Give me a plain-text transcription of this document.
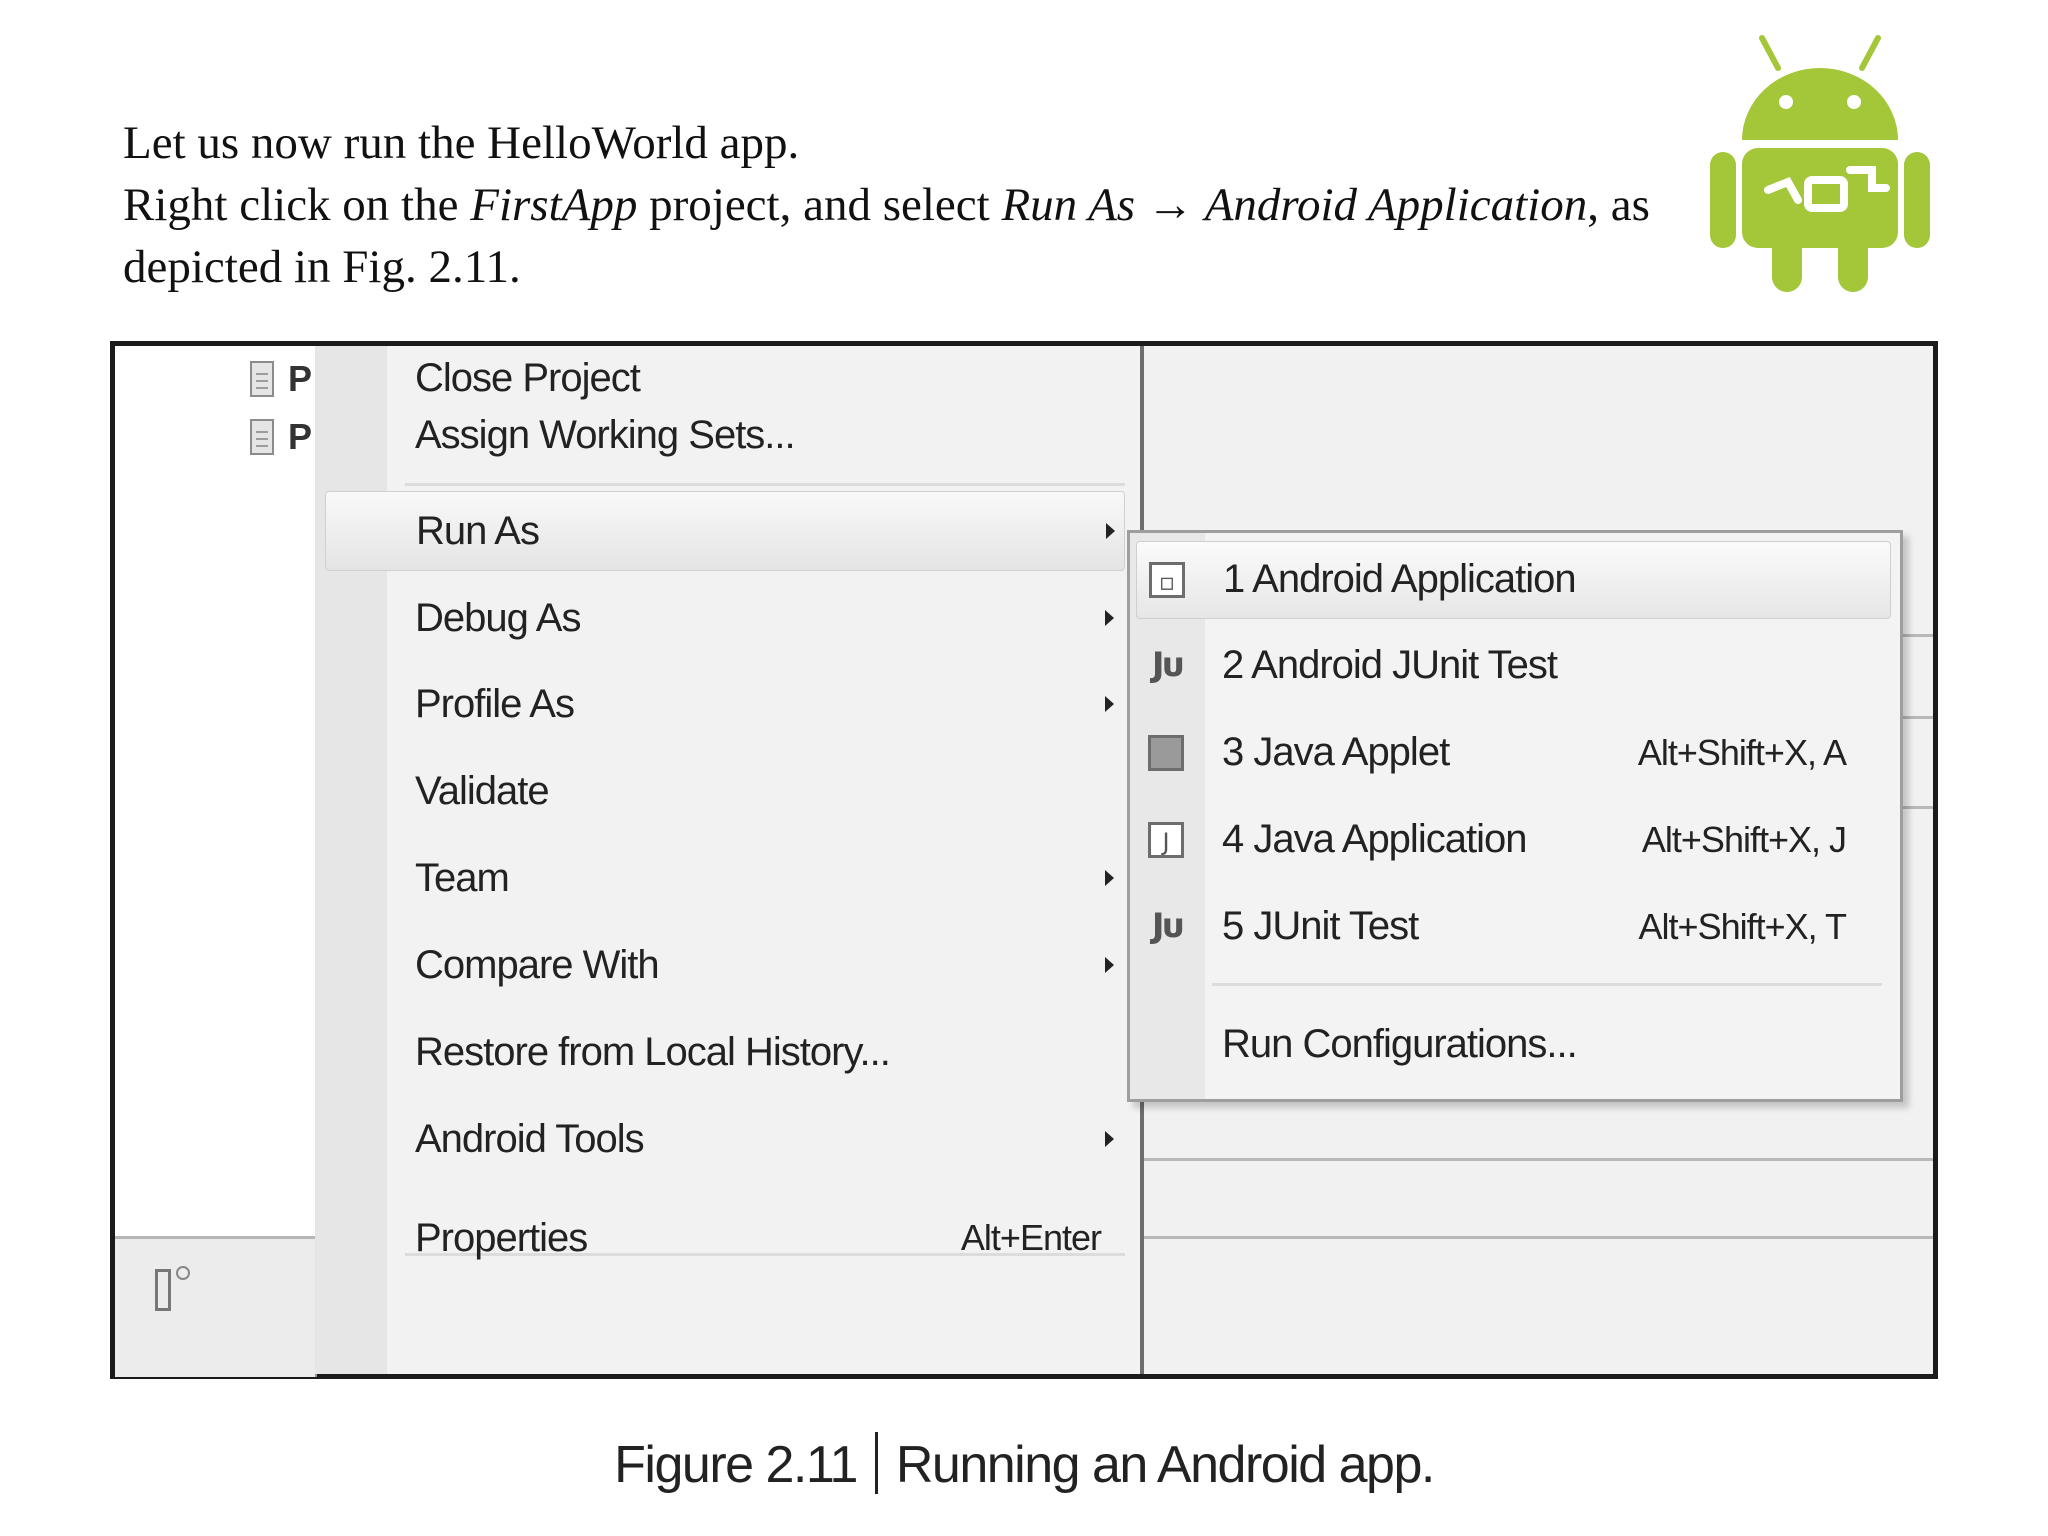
Let us now run the HelloWorld app.
Right click on the FirstApp project, and select Run As → Android Application, as
depicted in Fig. 2.11.
P
P
Close Project
Assign Working Sets...
Run As
Debug As
Profile As
Validate
Team
Compare With
Restore from Local History...
Android Tools
Properties	Alt+Enter
▫ 1 Android Application
Jᴜ 2 Android JUnit Test
3 Java Applet	Alt+Shift+X, A
J	4 Java Application	Alt+Shift+X, J
Jᴜ 5 JUnit Test	Alt+Shift+X, T
Run Configurations...
Figure 2.11 Running an Android app.
